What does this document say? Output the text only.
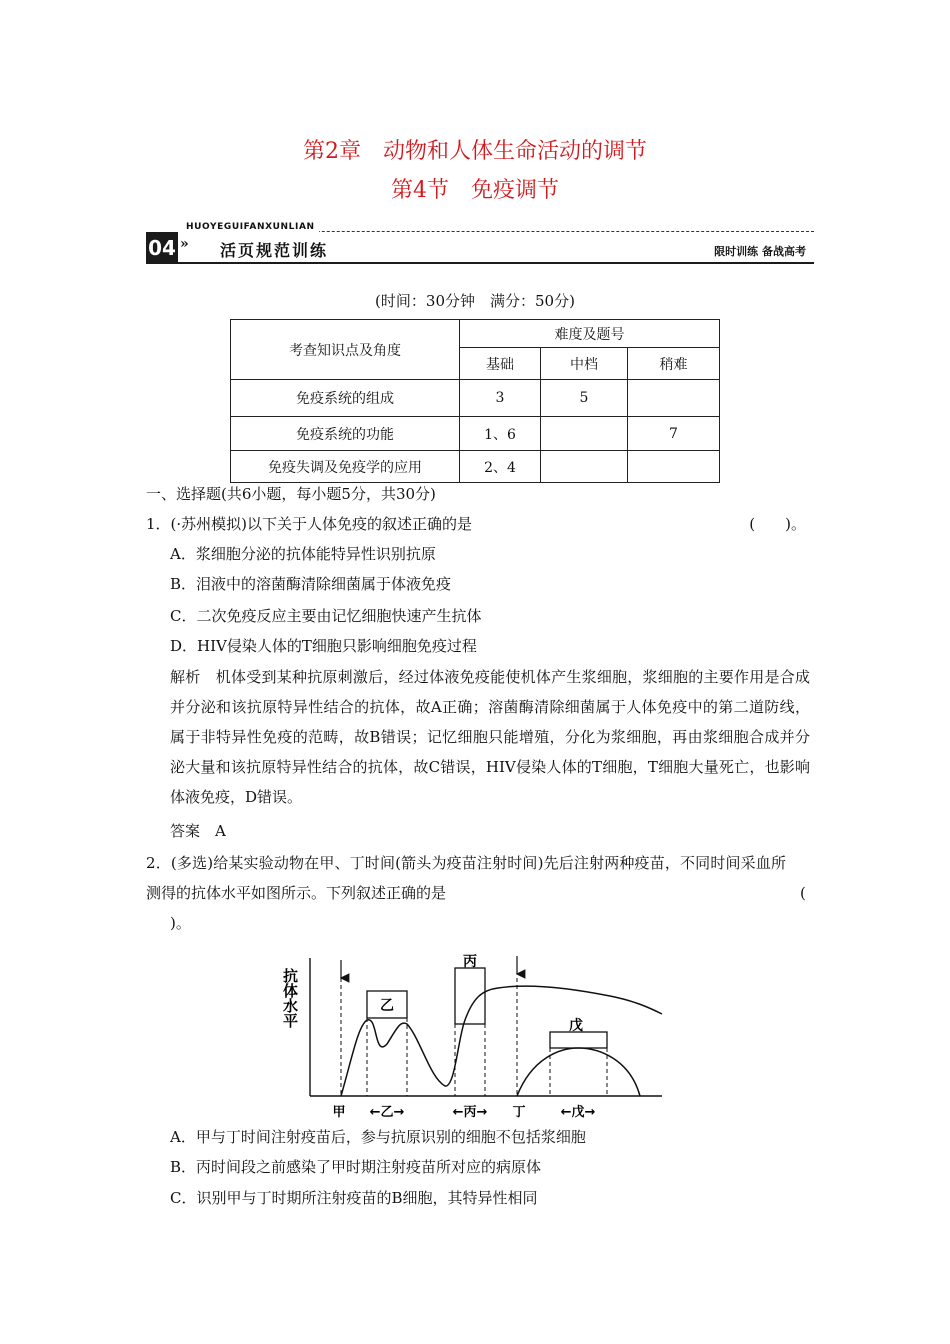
第2章　动物和人体生命活动的调节
第4节　免疫调节
HUOYEGUIFANXUNLIAN
04 » 活页规范训练	限时训练 备战高考
(时间：30分钟　满分：50分)
考查知识点及角度	难度及题号		
	基础	中档	稍难
免疫系统的组成	3	5	
免疫系统的功能	1、6		7
免疫失调及免疫学的应用	2、4		
一、选择题(共6小题，每小题5分，共30分)
1．(·苏州模拟)以下关于人体免疫的叙述正确的是	(　　)。
A．浆细胞分泌的抗体能特异性识别抗原
B．泪液中的溶菌酶清除细菌属于体液免疫
C．二次免疫反应主要由记忆细胞快速产生抗体
D．HIV侵染人体的T细胞只影响细胞免疫过程
解析　机体受到某种抗原刺激后，经过体液免疫能使机体产生浆细胞，浆细胞的主要作用是合成并分泌和该抗原特异性结合的抗体，故A正确；溶菌酶清除细菌属于人体免疫中的第二道防线，属于非特异性免疫的范畴，故B错误；记忆细胞只能增殖，分化为浆细胞，再由浆细胞合成并分泌大量和该抗原特异性结合的抗体，故C错误，HIV侵染人体的T细胞，T细胞大量死亡，也影响体液免疫，D错误。
答案　A
2．(多选)给某实验动物在甲、丁时间(箭头为疫苗注射时间)先后注射两种疫苗，不同时间采血所测得的抗体水平如图所示。下列叙述正确的是	(
)。
抗体水平	乙
丙
戊
甲 ←乙→	←丙→ 丁	←戊→
A．甲与丁时间注射疫苗后，参与抗原识别的细胞不包括浆细胞
B．丙时间段之前感染了甲时期注射疫苗所对应的病原体
C．识别甲与丁时期所注射疫苗的B细胞，其特异性相同
